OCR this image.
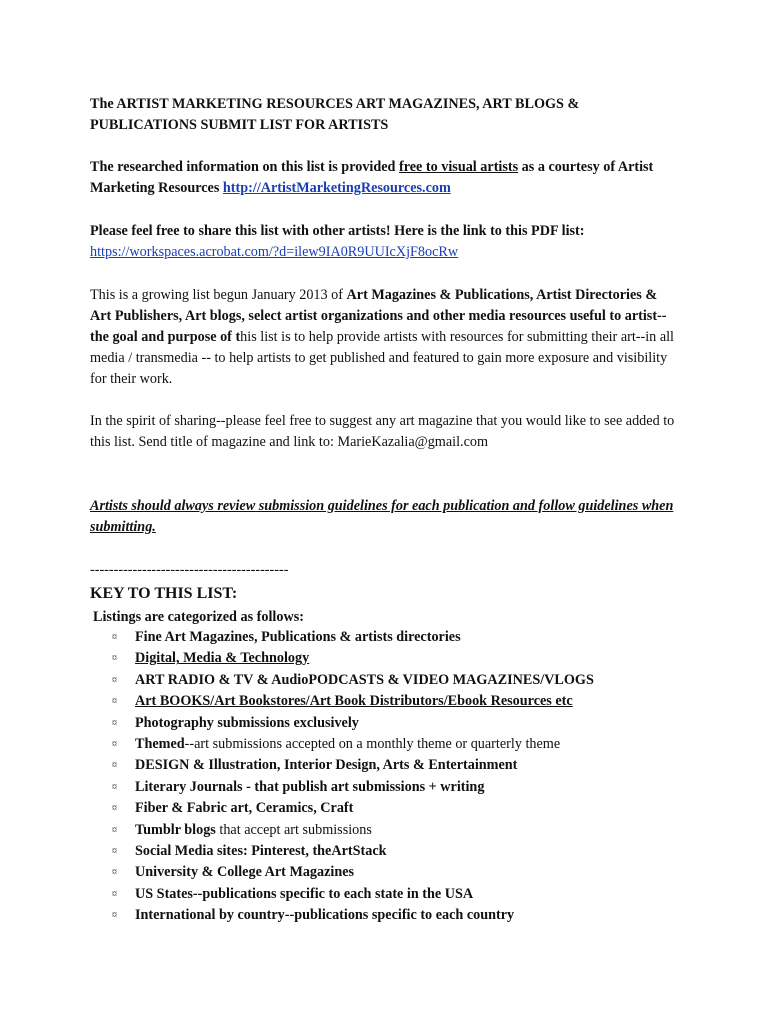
The ARTIST MARKETING RESOURCES ART MAGAZINES, ART BLOGS &
PUBLICATIONS SUBMIT LIST FOR ARTISTS
The researched information on this list is provided free to visual artists as a courtesy of Artist Marketing Resources http://ArtistMarketingResources.com
Please feel free to share this list with other artists! Here is the link to this PDF list:
https://workspaces.acrobat.com/?d=ilew9IA0R9UUIcXjF8ocRw
This is a growing list begun January 2013 of Art Magazines & Publications, Artist Directories & Art Publishers, Art blogs, select artist organizations and other media resources useful to artist--the goal and purpose of this list is to help provide artists with resources for submitting their art--in all media / transmedia -- to help artists to get published and featured to gain more exposure and visibility for their work.
In the spirit of sharing--please feel free to suggest any art magazine that you would like to see added to this list. Send title of magazine and link to: MarieKazalia@gmail.com
Artists should always review submission guidelines for each publication and follow guidelines when submitting.
------------------------------------------
KEY TO THIS LIST:
Listings are categorized as follows:
¤ Fine Art Magazines, Publications & artists directories
¤ Digital, Media & Technology
¤ ART RADIO & TV & AudioPODCASTS & VIDEO MAGAZINES/VLOGS
¤ Art BOOKS/Art Bookstores/Art Book Distributors/Ebook Resources etc
¤ Photography submissions exclusively
¤ Themed--art submissions accepted on a monthly theme or quarterly theme
¤ DESIGN & Illustration, Interior Design, Arts & Entertainment
¤ Literary Journals - that publish art submissions + writing
¤ Fiber & Fabric art, Ceramics, Craft
¤ Tumblr blogs that accept art submissions
¤ Social Media sites: Pinterest, theArtStack
¤ University & College Art Magazines
¤ US States--publications specific to each state in the USA
¤ International by country--publications specific to each country
